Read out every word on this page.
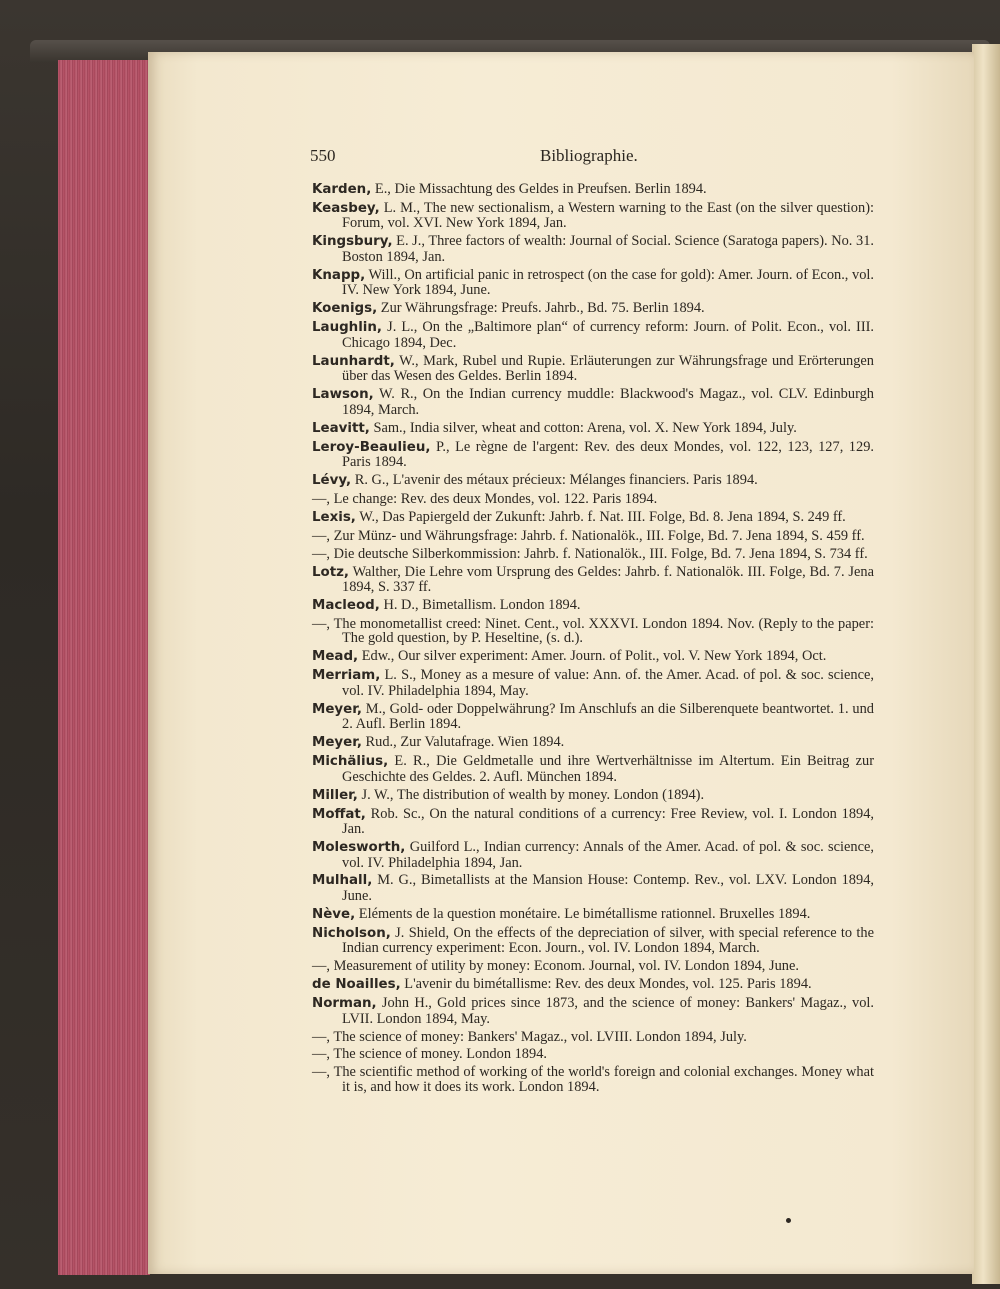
550	Bibliographie.
Karden, E., Die Missachtung des Geldes in Preufsen. Berlin 1894.
Keasbey, L. M., The new sectionalism, a Western warning to the East (on the silver question): Forum, vol. XVI. New York 1894, Jan.
Kingsbury, E. J., Three factors of wealth: Journal of Social. Science (Saratoga papers). No. 31. Boston 1894, Jan.
Knapp, Will., On artificial panic in retrospect (on the case for gold): Amer. Journ. of Econ., vol. IV. New York 1894, June.
Koenigs, Zur Währungsfrage: Preufs. Jahrb., Bd. 75. Berlin 1894.
Laughlin, J. L., On the „Baltimore plan“ of currency reform: Journ. of Polit. Econ., vol. III. Chicago 1894, Dec.
Launhardt, W., Mark, Rubel und Rupie. Erläuterungen zur Währungsfrage und Erörterungen über das Wesen des Geldes. Berlin 1894.
Lawson, W. R., On the Indian currency muddle: Blackwood's Magaz., vol. CLV. Edinburgh 1894, March.
Leavitt, Sam., India silver, wheat and cotton: Arena, vol. X. New York 1894, July.
Leroy-Beaulieu, P., Le règne de l'argent: Rev. des deux Mondes, vol. 122, 123, 127, 129. Paris 1894.
Lévy, R. G., L'avenir des métaux précieux: Mélanges financiers. Paris 1894.
—, Le change: Rev. des deux Mondes, vol. 122. Paris 1894.
Lexis, W., Das Papiergeld der Zukunft: Jahrb. f. Nat. III. Folge, Bd. 8. Jena 1894, S. 249 ff.
—, Zur Münz- und Währungsfrage: Jahrb. f. Nationalök., III. Folge, Bd. 7. Jena 1894, S. 459 ff.
—, Die deutsche Silberkommission: Jahrb. f. Nationalök., III. Folge, Bd. 7. Jena 1894, S. 734 ff.
Lotz, Walther, Die Lehre vom Ursprung des Geldes: Jahrb. f. Nationalök. III. Folge, Bd. 7. Jena 1894, S. 337 ff.
Macleod, H. D., Bimetallism. London 1894.
—, The monometallist creed: Ninet. Cent., vol. XXXVI. London 1894. Nov. (Reply to the paper: The gold question, by P. Heseltine, (s. d.).
Mead, Edw., Our silver experiment: Amer. Journ. of Polit., vol. V. New York 1894, Oct.
Merriam, L. S., Money as a mesure of value: Ann. of. the Amer. Acad. of pol. & soc. science, vol. IV. Philadelphia 1894, May.
Meyer, M., Gold- oder Doppelwährung? Im Anschlufs an die Silberenquete beantwortet. 1. und 2. Aufl. Berlin 1894.
Meyer, Rud., Zur Valutafrage. Wien 1894.
Michälius, E. R., Die Geldmetalle und ihre Wertverhältnisse im Altertum. Ein Beitrag zur Geschichte des Geldes. 2. Aufl. München 1894.
Miller, J. W., The distribution of wealth by money. London (1894).
Moffat, Rob. Sc., On the natural conditions of a currency: Free Review, vol. I. London 1894, Jan.
Molesworth, Guilford L., Indian currency: Annals of the Amer. Acad. of pol. & soc. science, vol. IV. Philadelphia 1894, Jan.
Mulhall, M. G., Bimetallists at the Mansion House: Contemp. Rev., vol. LXV. London 1894, June.
Nève, Eléments de la question monétaire. Le bimétallisme rationnel. Bruxelles 1894.
Nicholson, J. Shield, On the effects of the depreciation of silver, with special reference to the Indian currency experiment: Econ. Journ., vol. IV. London 1894, March.
—, Measurement of utility by money: Econom. Journal, vol. IV. London 1894, June.
de Noailles, L'avenir du bimétallisme: Rev. des deux Mondes, vol. 125. Paris 1894.
Norman, John H., Gold prices since 1873, and the science of money: Bankers' Magaz., vol. LVII. London 1894, May.
—, The science of money: Bankers' Magaz., vol. LVIII. London 1894, July.
—, The science of money. London 1894.
—, The scientific method of working of the world's foreign and colonial exchanges. Money what it is, and how it does its work. London 1894.
